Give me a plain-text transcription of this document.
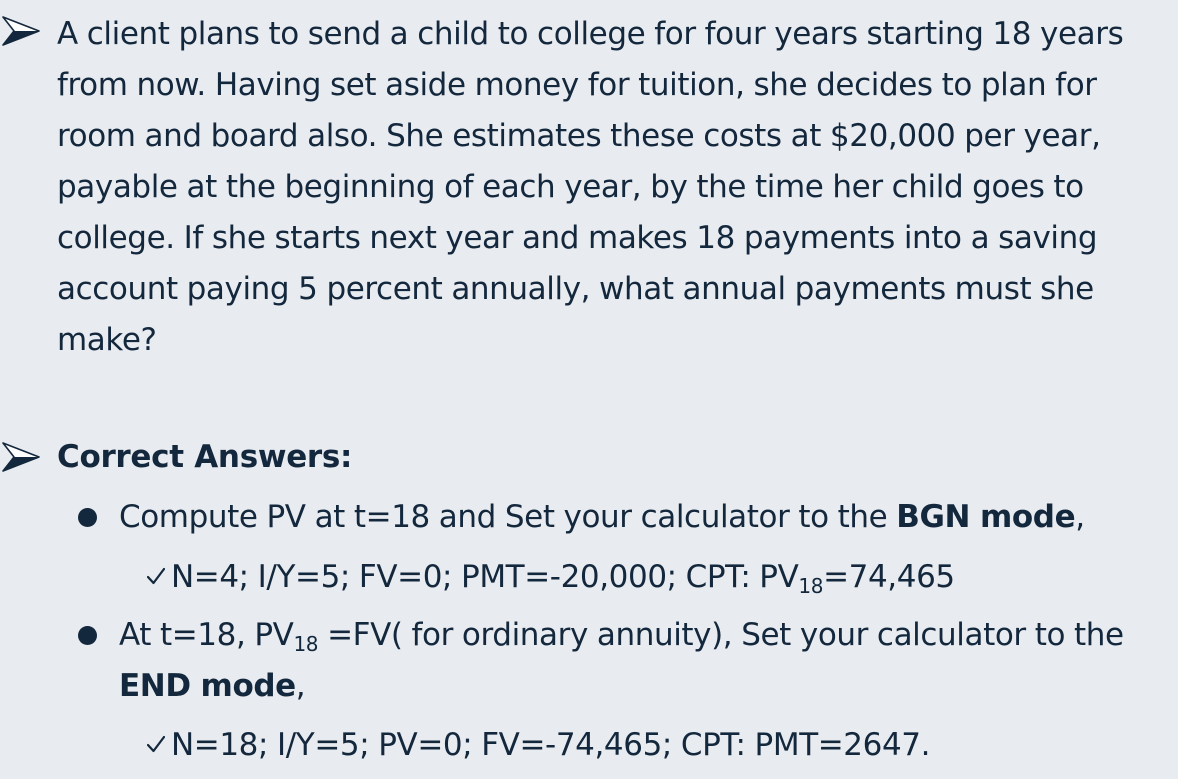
A client plans to send a child to college for four years starting 18 years from now. Having set aside money for tuition, she decides to plan for room and board also. She estimates these costs at $20,000 per year, payable at the beginning of each year, by the time her child goes to college. If she starts next year and makes 18 payments into a saving account paying 5 percent annually, what annual payments must she make?
Correct Answers:
Compute PV at t=18 and Set your calculator to the BGN mode,
N=4; I/Y=5; FV=0; PMT=-20,000; CPT: $PV_{18}=74,465$
At t=18, $PV_{18} =FV$( for ordinary annuity), Set your calculator to the
END mode,
N=18; I/Y=5; PV=0; FV=-74,465; CPT: PMT=2647.
